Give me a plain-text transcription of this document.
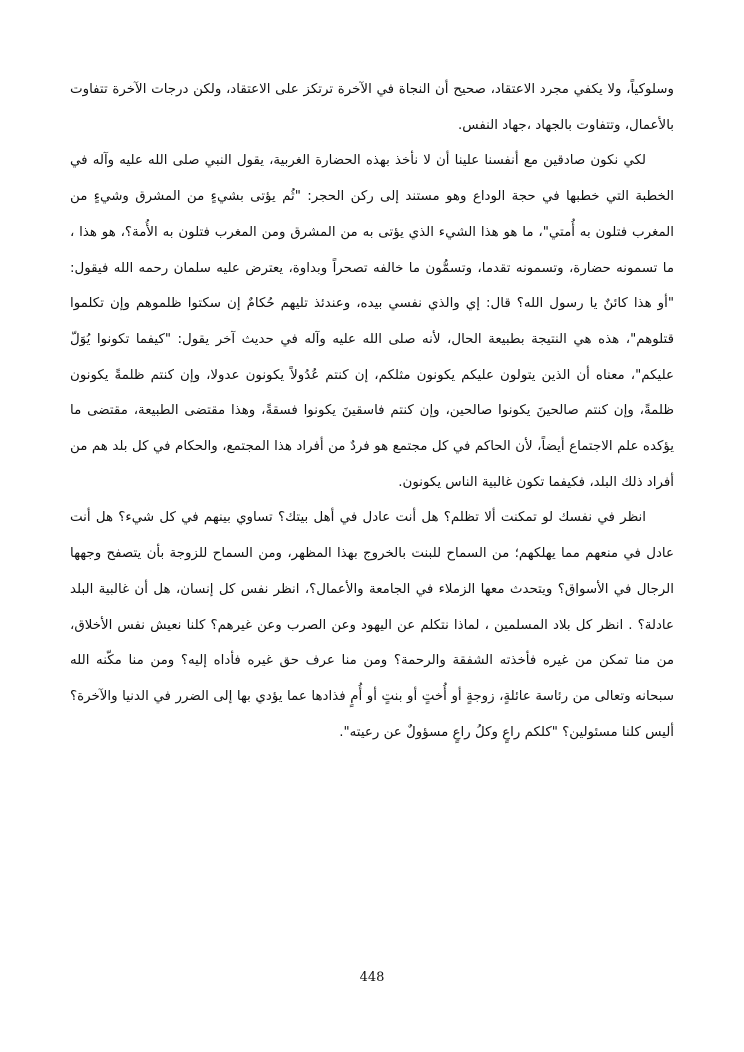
وسلوكياً، ولا يكفي مجرد الاعتقاد، صحيح أن النجاة في الآخرة ترتكز على الاعتقاد، ولكن درجات الآخرة تتفاوت بالأعمال، وتتفاوت بالجهاد ،جهاد النفس.

لكي نكون صادقين مع أنفسنا علينا أن لا نأخذ بهذه الحضارة الغربية، يقول النبي صلى الله عليه وآله في الخطبة التي خطبها في حجة الوداع وهو مستند إلى ركن الحجر: "ثُم يؤتى بشيءٍ من المشرق وشيءٍ من المغرب فتلون به أُمتي"، ما هو هذا الشيء الذي يؤتى به من المشرق ومن المغرب فتلون به الأُمة؟، هو هذا ، ما تسمونه حضارة، وتسمونه تقدما، وتسمُّون ما خالفه تصحراً وبداوة، يعترض عليه سلمان رحمه الله فيقول: "أو هذا كائنٌ يا رسول الله؟ قال: إي والذي نفسي بيده، وعندئذ تليهم حُكامٌ إن سكتوا ظلموهم وإن تكلموا قتلوهم"، هذه هي النتيجة بطبيعة الحال، لأنه صلى الله عليه وآله في حديث آخر يقول: "كيفما تكونوا يُوَلّ عليكم"، معناه أن الذين يتولون عليكم يكونون مثلكم، إن كنتم عُدُولاً يكونون عدولا، وإن كنتم ظلمةً يكونون ظلمةً، وإن كنتم صالحينَ يكونوا صالحين، وإن كنتم فاسقينَ يكونوا فسقةً، وهذا مقتضى الطبيعة، مقتضى ما يؤكده علم الاجتماع أيضاً، لأن الحاكم في كل مجتمع هو فردٌ من أفراد هذا المجتمع، والحكام في كل بلد هم من أفراد ذلك البلد، فكيفما تكون غالبية الناس يكونون.

انظر في نفسك لو تمكنت ألا تظلم؟ هل أنت عادل في أهل بيتك؟ تساوي بينهم في كل شيء؟ هل أنت عادل في منعهم مما يهلكهم؛ من السماح للبنت بالخروج بهذا المظهر، ومن السماح للزوجة بأن يتصفح وجهها الرجال في الأسواق؟ ويتحدث معها الزملاء في الجامعة والأعمال؟، انظر نفس كل إنسان، هل أن غالبية البلد عادلة؟ . انظر كل بلاد المسلمين ، لماذا نتكلم عن اليهود وعن الصرب وعن غيرهم؟ كلنا نعيش نفس الأخلاق، من منا تمكن من غيره فأخذته الشفقة والرحمة؟ ومن منا عرف حق غيره فأداه إليه؟ ومن منا مكّنه الله سبحانه وتعالى من رئاسة عائلةٍ، زوجةٍ أو أُختٍ أو بنتٍ أو أُمٍ فذادها عما يؤدي بها إلى الضرر في الدنيا والآخرة؟ أليس كلنا مسئولين؟ "كلكم راعٍ وكلُ راعٍ مسؤولٌ عن رعيته".

448
